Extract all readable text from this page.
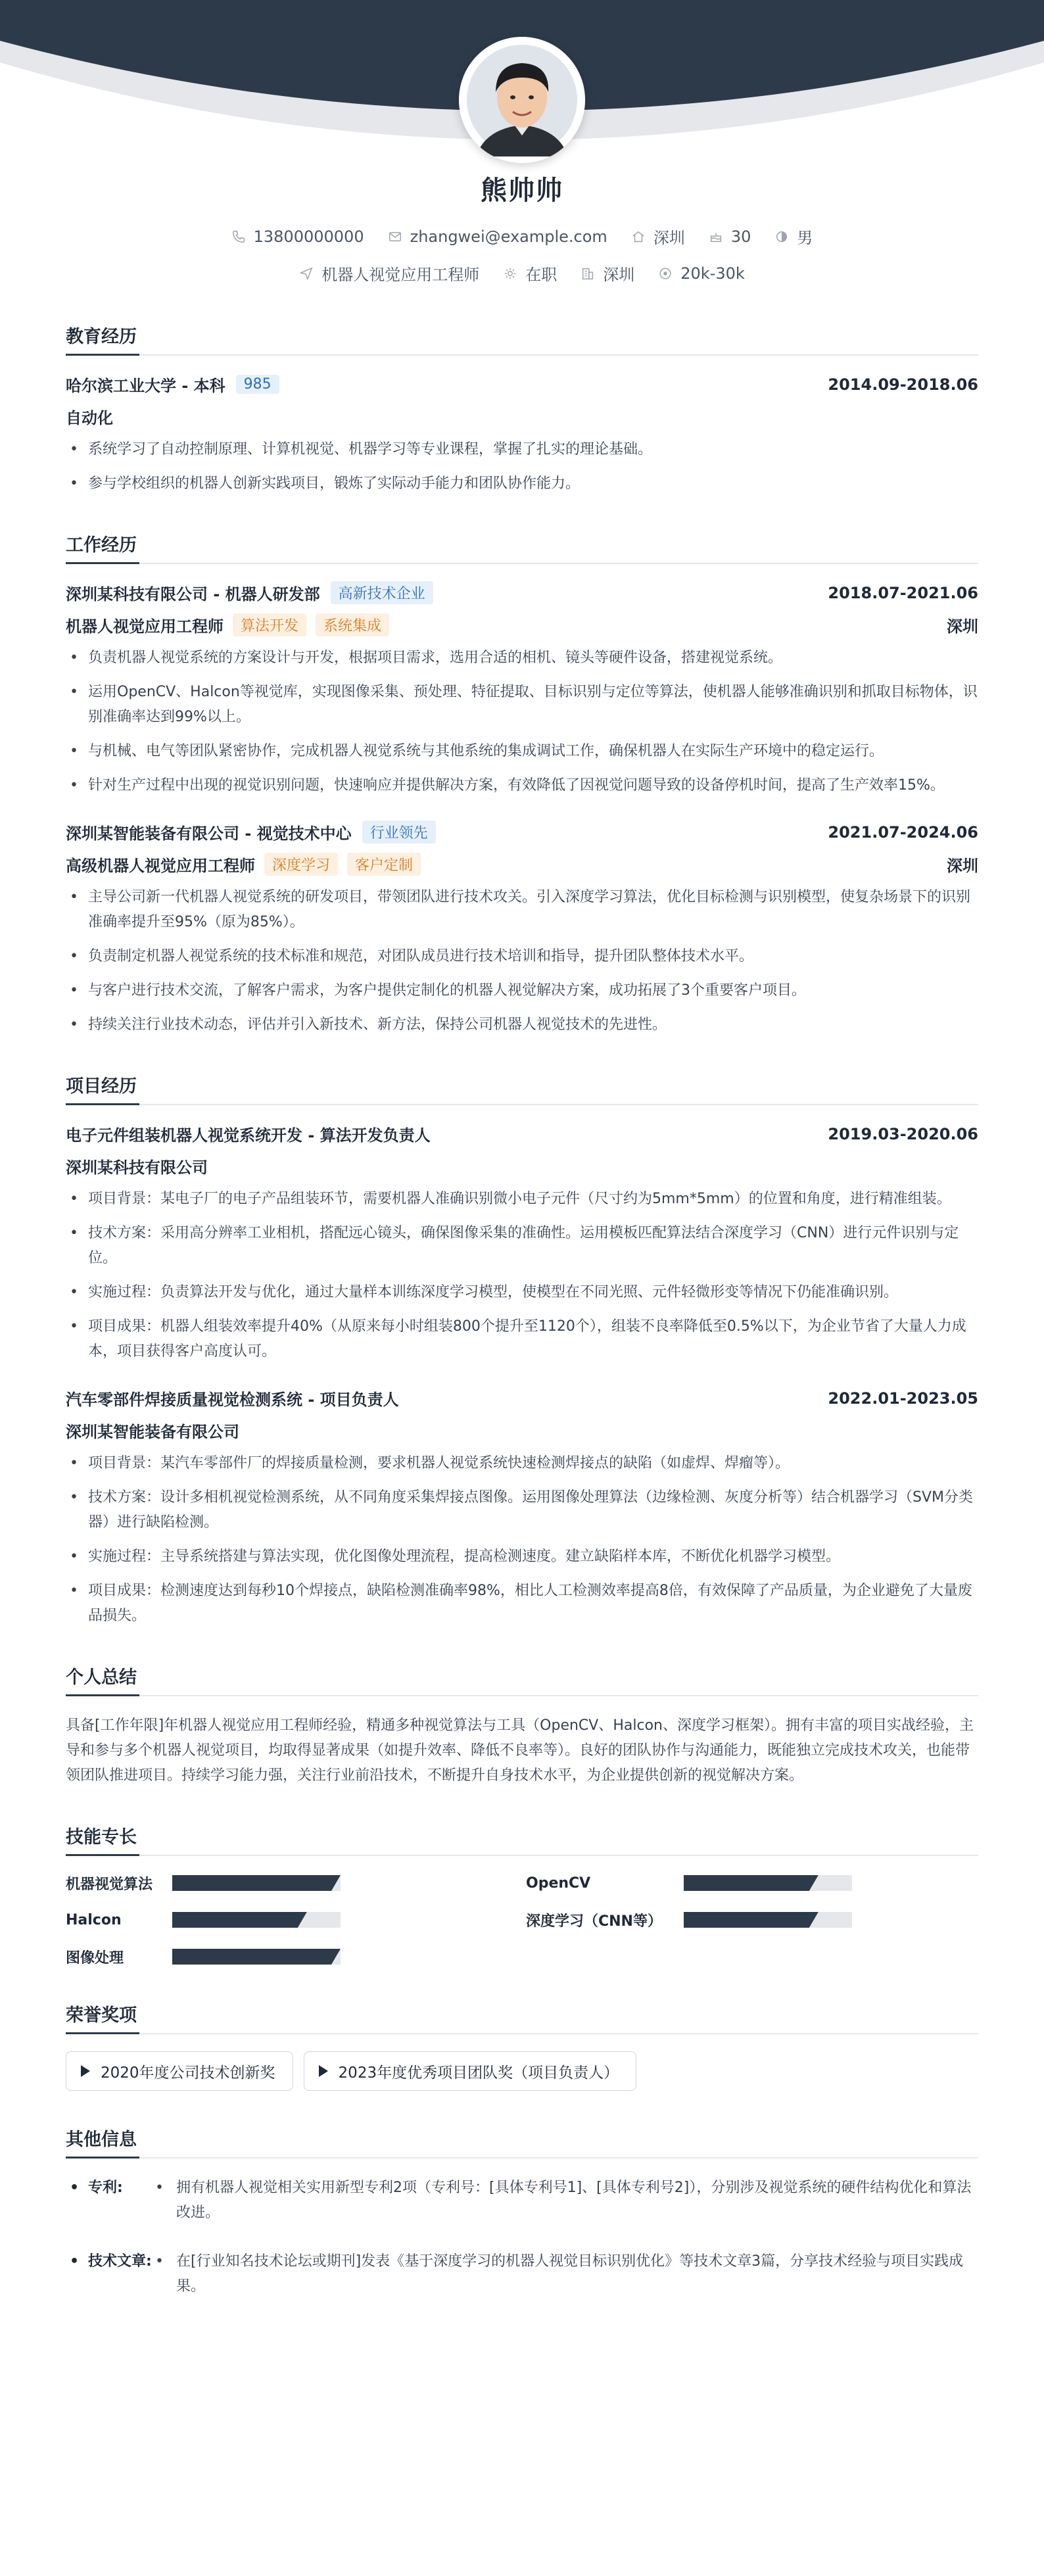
熊帅帅
13800000000	zhangwei@example.com	深圳	30	男
机器人视觉应用工程师	在职	深圳	20k-30k
教育经历
哈尔滨工业大学 - 本科	985	2014.09-2018.06
自动化
• 系统学习了自动控制原理、计算机视觉、机器学习等专业课程，掌握了扎实的理论基础。
• 参与学校组织的机器人创新实践项目，锻炼了实际动手能力和团队协作能力。
工作经历
深圳某科技有限公司 - 机器人研发部	高新技术企业	2018.07-2021.06
机器人视觉应用工程师	算法开发	系统集成	深圳
• 负责机器人视觉系统的方案设计与开发，根据项目需求，选用合适的相机、镜头等硬件设备，搭建视觉系统。
• 运用OpenCV、Halcon等视觉库，实现图像采集、预处理、特征提取、目标识别与定位等算法，使机器人能够准确识别和抓取目标物体，识别准确率达到99%以上。
• 与机械、电气等团队紧密协作，完成机器人视觉系统与其他系统的集成调试工作，确保机器人在实际生产环境中的稳定运行。
• 针对生产过程中出现的视觉识别问题，快速响应并提供解决方案，有效降低了因视觉问题导致的设备停机时间，提高了生产效率15%。
深圳某智能装备有限公司 - 视觉技术中心	行业领先	2021.07-2024.06
高级机器人视觉应用工程师	深度学习	客户定制	深圳
• 主导公司新一代机器人视觉系统的研发项目，带领团队进行技术攻关。引入深度学习算法，优化目标检测与识别模型，使复杂场景下的识别准确率提升至95%（原为85%）。
• 负责制定机器人视觉系统的技术标准和规范，对团队成员进行技术培训和指导，提升团队整体技术水平。
• 与客户进行技术交流，了解客户需求，为客户提供定制化的机器人视觉解决方案，成功拓展了3个重要客户项目。
• 持续关注行业技术动态，评估并引入新技术、新方法，保持公司机器人视觉技术的先进性。
项目经历
电子元件组装机器人视觉系统开发 - 算法开发负责人	2019.03-2020.06
深圳某科技有限公司
• 项目背景：某电子厂的电子产品组装环节，需要机器人准确识别微小电子元件（尺寸约为5mm*5mm）的位置和角度，进行精准组装。
• 技术方案：采用高分辨率工业相机，搭配远心镜头，确保图像采集的准确性。运用模板匹配算法结合深度学习（CNN）进行元件识别与定位。
• 实施过程：负责算法开发与优化，通过大量样本训练深度学习模型，使模型在不同光照、元件轻微形变等情况下仍能准确识别。
• 项目成果：机器人组装效率提升40%（从原来每小时组装800个提升至1120个），组装不良率降低至0.5%以下，为企业节省了大量人力成本，项目获得客户高度认可。
汽车零部件焊接质量视觉检测系统 - 项目负责人	2022.01-2023.05
深圳某智能装备有限公司
• 项目背景：某汽车零部件厂的焊接质量检测，要求机器人视觉系统快速检测焊接点的缺陷（如虚焊、焊瘤等）。
• 技术方案：设计多相机视觉检测系统，从不同角度采集焊接点图像。运用图像处理算法（边缘检测、灰度分析等）结合机器学习（SVM分类器）进行缺陷检测。
• 实施过程：主导系统搭建与算法实现，优化图像处理流程，提高检测速度。建立缺陷样本库，不断优化机器学习模型。
• 项目成果：检测速度达到每秒10个焊接点，缺陷检测准确率98%，相比人工检测效率提高8倍，有效保障了产品质量，为企业避免了大量废品损失。
个人总结
具备[工作年限]年机器人视觉应用工程师经验，精通多种视觉算法与工具（OpenCV、Halcon、深度学习框架）。拥有丰富的项目实战经验，主导和参与多个机器人视觉项目，均取得显著成果（如提升效率、降低不良率等）。良好的团队协作与沟通能力，既能独立完成技术攻关，也能带领团队推进项目。持续学习能力强，关注行业前沿技术，不断提升自身技术水平，为企业提供创新的视觉解决方案。
技能专长
机器视觉算法	OpenCV
Halcon	深度学习（CNN等）
图像处理
荣誉奖项
2020年度公司技术创新奖	2023年度优秀项目团队奖（项目负责人）
其他信息
• 专利:	• 拥有机器人视觉相关实用新型专利2项（专利号：[具体专利号1]、[具体专利号2]），分别涉及视觉系统的硬件结构优化和算法改进。
• 技术文章: • 在[行业知名技术论坛或期刊]发表《基于深度学习的机器人视觉目标识别优化》等技术文章3篇，分享技术经验与项目实践成果。
